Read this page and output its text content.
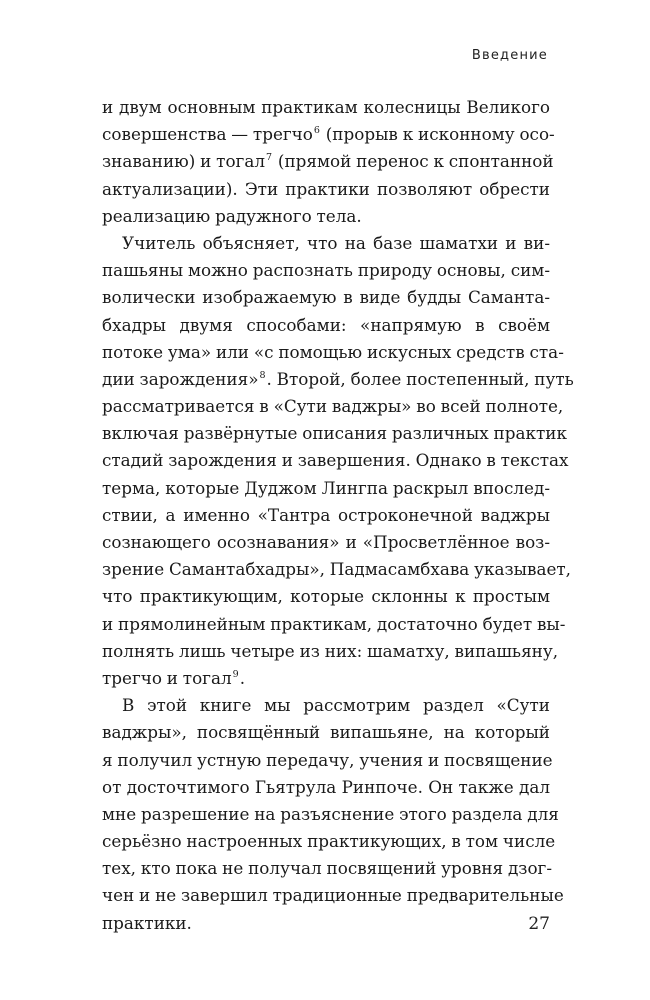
Введение
и двум основным практикам колесницы Великого
совершенства — трегчо$^6$ (прорыв к исконному осо-
знаванию) и тогал$^7$ (прямой перенос к спонтанной
актуализации). Эти практики позволяют обрести
реализацию радужного тела.
Учитель объясняет, что на базе шаматхи и ви-
пашьяны можно распознать природу основы, сим-
волически изображаемую в виде будды Саманта-
бхадры двумя способами: «напрямую в своём
потоке ума» или «с помощью искусных средств ста-
дии зарождения»$^8$. Второй, более постепенный, путь
рассматривается в «Сути ваджры» во всей полноте,
включая развёрнутые описания различных практик
стадий зарождения и завершения. Однако в текстах
терма, которые Дуджом Лингпа раскрыл впослед-
ствии, а именно «Тантра остроконечной ваджры
сознающего осознавания» и «Просветлённое воз-
зрение Самантабхадры», Падмасамбхава указывает,
что практикующим, которые склонны к простым
и прямолинейным практикам, достаточно будет вы-
полнять лишь четыре из них: шаматху, випашьяну,
трегчо и тогал$^9$.
В этой книге мы рассмотрим раздел «Сути
ваджры», посвящённый випашьяне, на который
я получил устную передачу, учения и посвящение
от досточтимого Гьятрула Ринпоче. Он также дал
мне разрешение на разъяснение этого раздела для
серьёзно настроенных практикующих, в том числе
тех, кто пока не получал посвящений уровня дзог-
чен и не завершил традиционные предварительные
практики.	27
